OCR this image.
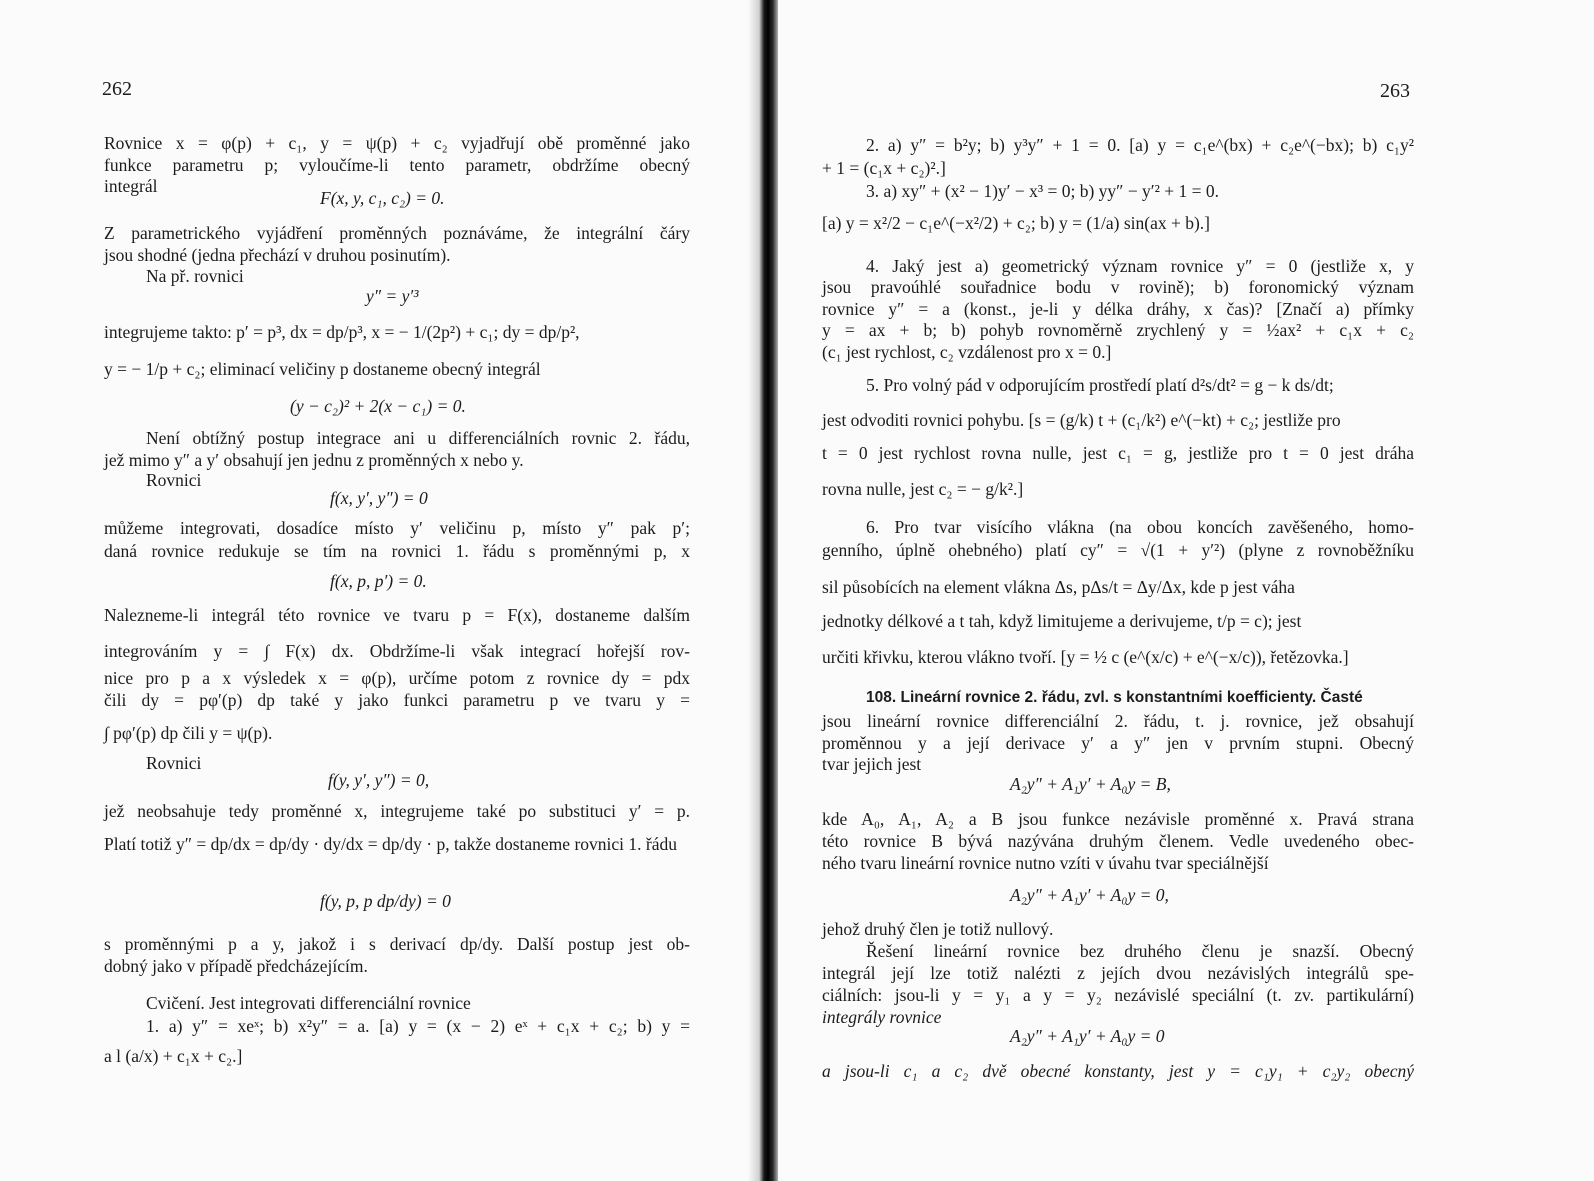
262
Rovnice x = φ(p) + c₁, y = ψ(p) + c₂ vyjadřují obě proměnné jako
funkce parametru p; vyloučíme-li tento parametr, obdržíme obecný
integrál
F(x, y, c₁, c₂) = 0.
Z parametrického vyjádření proměnných poznáváme, že integrální čáry
jsou shodné (jedna přechází v druhou posinutím).
Na př. rovnici
y″ = y′³
integrujeme takto: p′ = p³, dx = dp/p³, x = − 1/(2p²) + c₁; dy = dp/p²,
y = − 1/p + c₂; eliminací veličiny p dostaneme obecný integrál
(y − c₂)² + 2(x − c₁) = 0.
Není obtížný postup integrace ani u differenciálních rovnic 2. řádu,
jež mimo y″ a y′ obsahují jen jednu z proměnných x nebo y.
Rovnici
f(x, y′, y″) = 0
můžeme integrovati, dosadíce místo y′ veličinu p, místo y″ pak p′;
daná rovnice redukuje se tím na rovnici 1. řádu s proměnnými p, x
f(x, p, p′) = 0.
Nalezneme-li integrál této rovnice ve tvaru p = F(x), dostaneme dalším
integrováním y = ∫ F(x) dx. Obdržíme-li však integrací hořejší rov-
nice pro p a x výsledek x = φ(p), určíme potom z rovnice dy = pdx
čili dy = pφ′(p) dp také y jako funkci parametru p ve tvaru y =
∫ pφ′(p) dp čili y = ψ(p).
Rovnici
f(y, y′, y″) = 0,
jež neobsahuje tedy proměnné x, integrujeme také po substituci y′ = p.
Platí totiž y″ = dp/dx = dp/dy · dy/dx = dp/dy · p, takže dostaneme rovnici 1. řádu
f(y, p, p dp/dy) = 0
s proměnnými p a y, jakož i s derivací dp/dy. Další postup jest ob-
dobný jako v případě předcházejícím.
Cvičení. Jest integrovati differenciální rovnice
1. a) y″ = xeˣ; b) x²y″ = a. [a) y = (x − 2) eˣ + c₁x + c₂; b) y =
a l (a/x) + c₁x + c₂.]
263
2. a) y″ = b²y; b) y³y″ + 1 = 0. [a) y = c₁e^(bx) + c₂e^(−bx); b) c₁y²
+ 1 = (c₁x + c₂)².]
3. a) xy″ + (x² − 1)y′ − x³ = 0; b) yy″ − y′² + 1 = 0.
[a) y = x²/2 − c₁e^(−x²/2) + c₂; b) y = (1/a) sin(ax + b).]
4. Jaký jest a) geometrický význam rovnice y″ = 0 (jestliže x, y
jsou pravoúhlé souřadnice bodu v rovině); b) foronomický význam
rovnice y″ = a (konst., je-li y délka dráhy, x čas)? [Značí a) přímky
y = ax + b; b) pohyb rovnoměrně zrychlený y = ½ax² + c₁x + c₂
(c₁ jest rychlost, c₂ vzdálenost pro x = 0.]
5. Pro volný pád v odporujícím prostředí platí d²s/dt² = g − k ds/dt;
jest odvoditi rovnici pohybu. [s = (g/k) t + (c₁/k²) e^(−kt) + c₂; jestliže pro
t = 0 jest rychlost rovna nulle, jest c₁ = g, jestliže pro t = 0 jest dráha
rovna nulle, jest c₂ = − g/k².]
6. Pro tvar visícího vlákna (na obou koncích zavěšeného, homo-
genního, úplně ohebného) platí cy″ = √(1 + y′²) (plyne z rovnoběžníku
sil působících na element vlákna Δs, pΔs/t = Δy/Δx, kde p jest váha
jednotky délkové a t tah, když limitujeme a derivujeme, t/p = c); jest
určiti křivku, kterou vlákno tvoří. [y = ½ c (e^(x/c) + e^(−x/c)), řetězovka.]
108. Lineární rovnice 2. řádu, zvl. s konstantními koefficienty. Časté
jsou lineární rovnice differenciální 2. řádu, t. j. rovnice, jež obsahují
proměnnou y a její derivace y′ a y″ jen v prvním stupni. Obecný
tvar jejich jest
A₂y″ + A₁y′ + A₀y = B,
kde A₀, A₁, A₂ a B jsou funkce nezávisle proměnné x. Pravá strana
této rovnice B bývá nazývána druhým členem. Vedle uvedeného obec-
ného tvaru lineární rovnice nutno vzíti v úvahu tvar speciálnější
A₂y″ + A₁y′ + A₀y = 0,
jehož druhý člen je totiž nullový.
Řešení lineární rovnice bez druhého členu je snazší. Obecný
integrál její lze totiž nalézti z jejích dvou nezávislých integrálů spe-
ciálních: jsou-li y = y₁ a y = y₂ nezávislé speciální (t. zv. partikulární)
integrály rovnice
A₂y″ + A₁y′ + A₀y = 0
a jsou-li c₁ a c₂ dvě obecné konstanty, jest y = c₁y₁ + c₂y₂ obecný
